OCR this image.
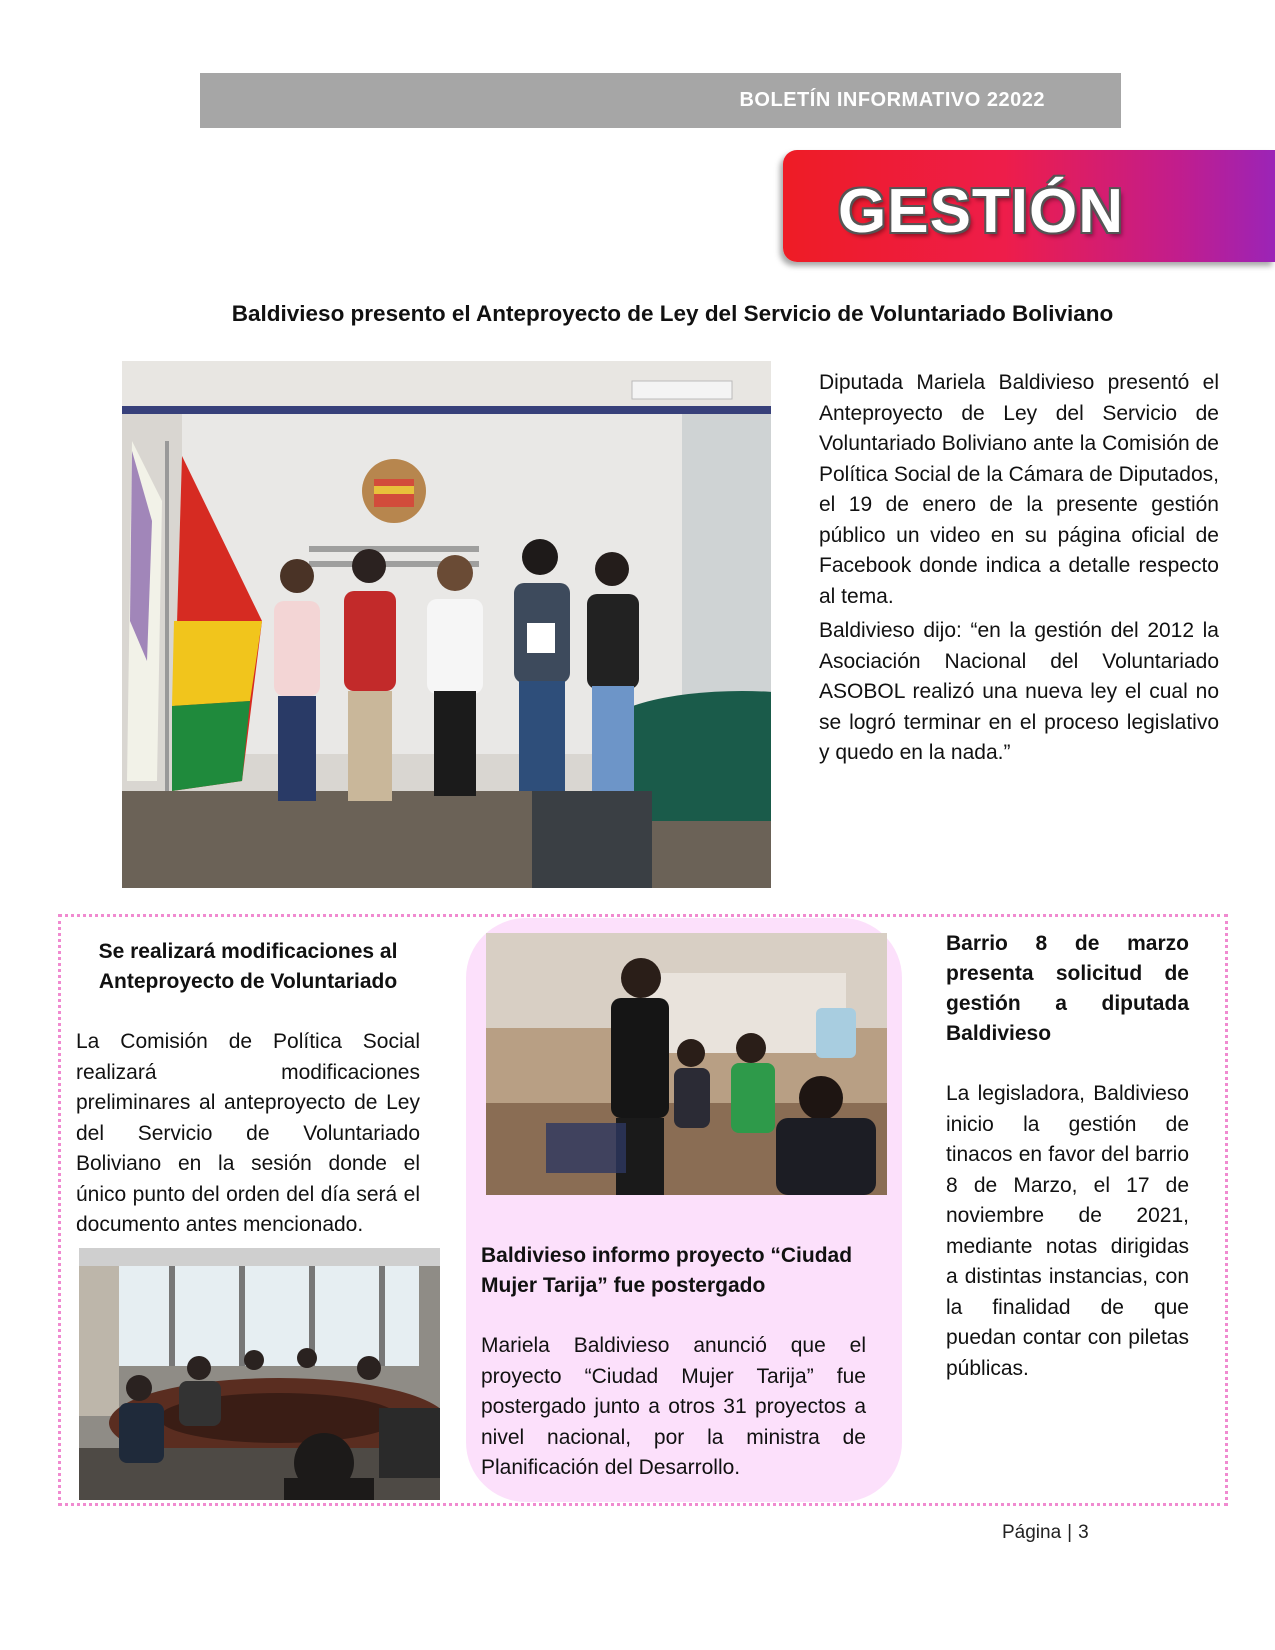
BOLETÍN INFORMATIVO 22022
GESTIÓN
Baldivieso presento el Anteproyecto de Ley del Servicio de Voluntariado Boliviano

Diputada Mariela Baldivieso presentó el Anteproyecto de Ley del Servicio de Voluntariado Boliviano ante la Comisión de Política Social de la Cámara de Diputados, el 19 de enero de la presente gestión público un video en su página oficial de Facebook donde indica a detalle respecto al tema.

Baldivieso dijo: “en la gestión del 2012 la Asociación Nacional del Voluntariado ASOBOL realizó una nueva ley el cual no se logró terminar en el proceso legislativo y quedo en la nada.”

Se realizará modificaciones al Anteproyecto de Voluntariado

La Comisión de Política Social realizará modificaciones preliminares al anteproyecto de Ley del Servicio de Voluntariado Boliviano en la sesión donde el único punto del orden del día será el documento antes mencionado.

Baldivieso informo proyecto “Ciudad Mujer Tarija” fue postergado

Mariela Baldivieso anunció que el proyecto “Ciudad Mujer Tarija” fue postergado junto a otros 31 proyectos a nivel nacional, por la ministra de Planificación del Desarrollo.

Barrio 8 de marzo presenta solicitud de gestión a diputada Baldivieso

La legisladora, Baldivieso inicio la gestión de tinacos en favor del barrio 8 de Marzo, el 17 de noviembre de 2021, mediante notas dirigidas a distintas instancias, con la finalidad de que puedan contar con piletas públicas.

Página | 3
